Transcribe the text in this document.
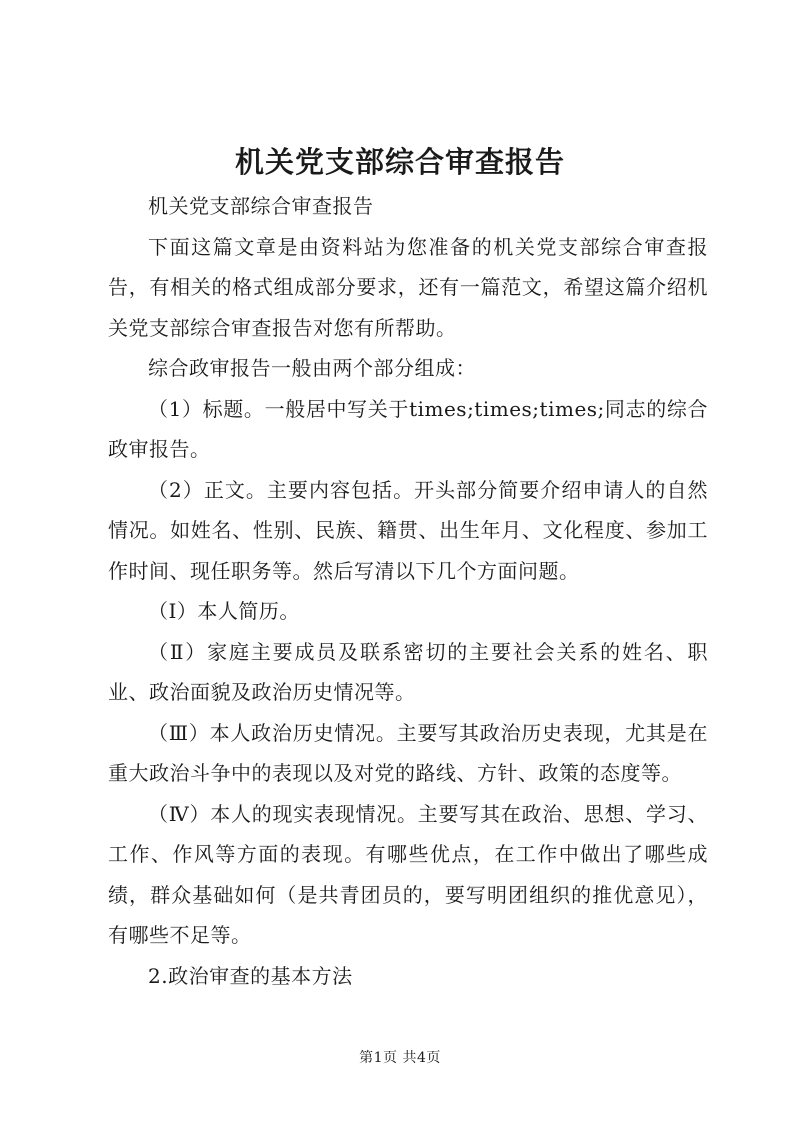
机关党支部综合审查报告

机关党支部综合审查报告

下面这篇文章是由资料站为您准备的机关党支部综合审查报告，有相关的格式组成部分要求，还有一篇范文，希望这篇介绍机关党支部综合审查报告对您有所帮助。

综合政审报告一般由两个部分组成：

（1）标题。一般居中写关于times;times;times;同志的综合政审报告。

（2）正文。主要内容包括。开头部分简要介绍申请人的自然情况。如姓名、性别、民族、籍贯、出生年月、文化程度、参加工作时间、现任职务等。然后写清以下几个方面问题。

（Ⅰ）本人简历。

（Ⅱ）家庭主要成员及联系密切的主要社会关系的姓名、职业、政治面貌及政治历史情况等。

（Ⅲ）本人政治历史情况。主要写其政治历史表现，尤其是在重大政治斗争中的表现以及对党的路线、方针、政策的态度等。

（Ⅳ）本人的现实表现情况。主要写其在政治、思想、学习、工作、作风等方面的表现。有哪些优点，在工作中做出了哪些成绩，群众基础如何（是共青团员的，要写明团组织的推优意见），有哪些不足等。

2.政治审查的基本方法

第1页 共4页
